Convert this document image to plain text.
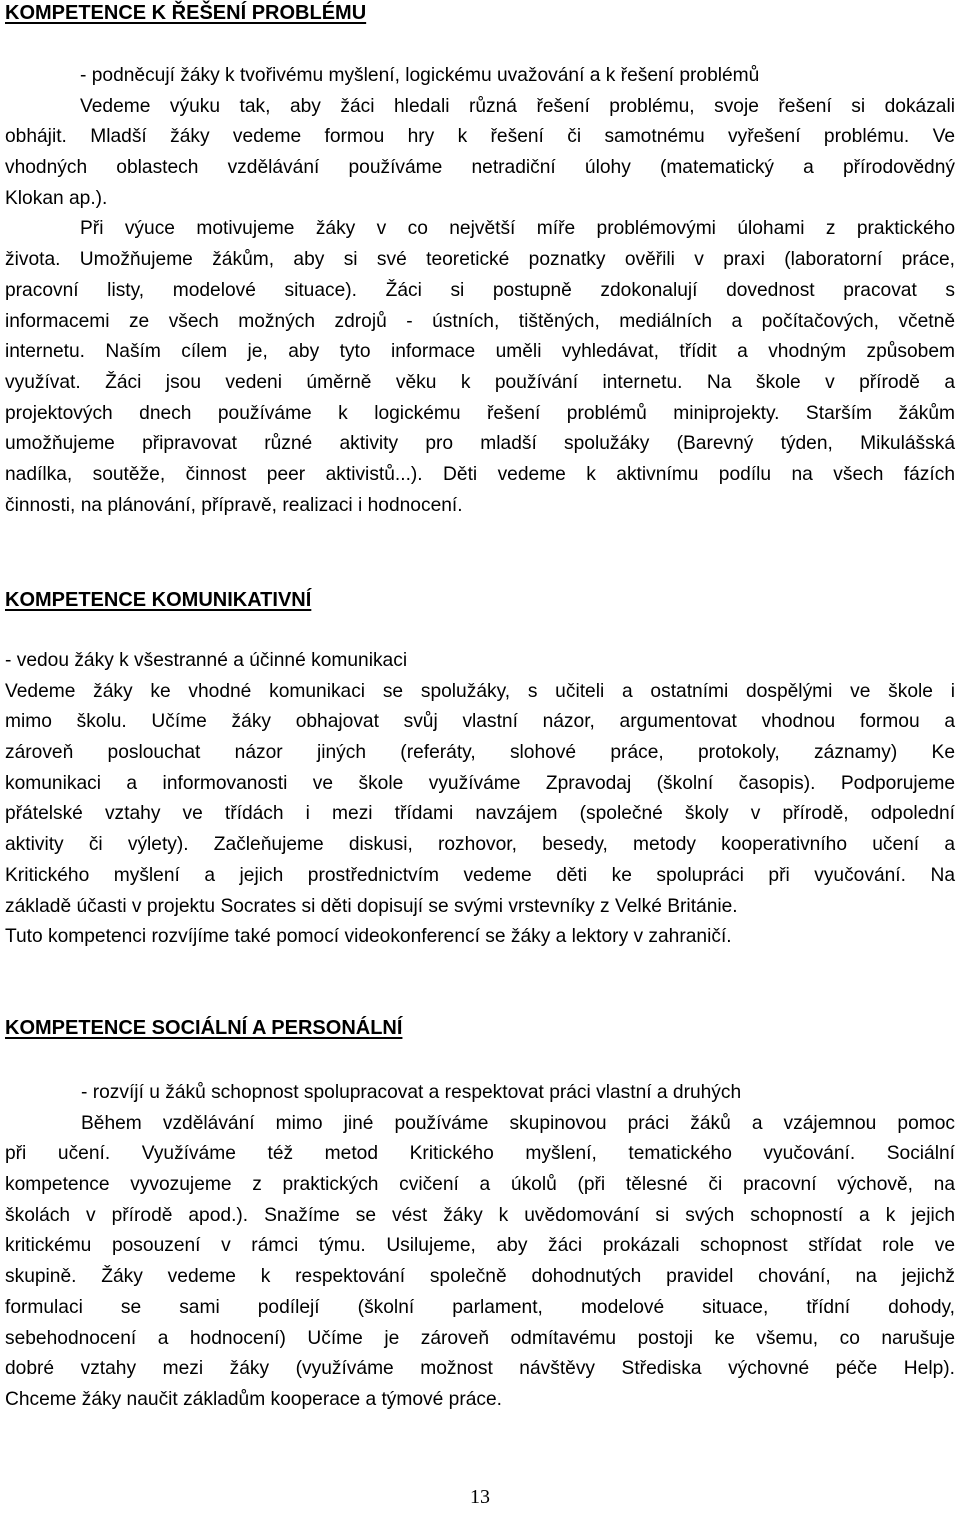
KOMPETENCE K ŘEŠENÍ PROBLÉMU
- podněcují žáky k tvořivému myšlení, logickému uvažování a k řešení problémů
Vedeme výuku tak, aby žáci hledali různá řešení problému, svoje řešení si dokázali
obhájit. Mladší žáky vedeme formou hry k řešení či samotnému vyřešení problému. Ve
vhodných oblastech vzdělávání používáme netradiční úlohy (matematický a přírodovědný
Klokan ap.).
Při výuce motivujeme žáky v co největší míře problémovými úlohami z praktického
života. Umožňujeme žákům, aby si své teoretické poznatky ověřili v praxi (laboratorní práce,
pracovní listy, modelové situace). Žáci si postupně zdokonalují dovednost pracovat s
informacemi ze všech možných zdrojů - ústních, tištěných, mediálních a počítačových, včetně
internetu. Naším cílem je, aby tyto informace uměli vyhledávat, třídit a vhodným způsobem
využívat. Žáci jsou vedeni úměrně věku k používání internetu. Na škole v přírodě a
projektových dnech používáme k logickému řešení problémů miniprojekty. Starším žákům
umožňujeme připravovat různé aktivity pro mladší spolužáky (Barevný týden, Mikulášská
nadílka, soutěže, činnost peer aktivistů...). Děti vedeme k aktivnímu podílu na všech fázích
činnosti, na plánování, přípravě, realizaci i hodnocení.
KOMPETENCE KOMUNIKATIVNÍ
- vedou žáky k všestranné a účinné komunikaci
Vedeme žáky ke vhodné komunikaci se spolužáky, s učiteli a ostatními dospělými ve škole i
mimo školu. Učíme žáky obhajovat svůj vlastní názor, argumentovat vhodnou formou a
zároveň poslouchat názor jiných (referáty, slohové práce, protokoly, záznamy) Ke
komunikaci a informovanosti ve škole využíváme Zpravodaj (školní časopis). Podporujeme
přátelské vztahy ve třídách i mezi třídami navzájem (společné školy v přírodě, odpolední
aktivity či výlety). Začleňujeme diskusi, rozhovor, besedy, metody kooperativního učení a
Kritického myšlení a jejich prostřednictvím vedeme děti ke spolupráci při vyučování. Na
základě účasti v projektu Socrates si děti dopisují se svými vrstevníky z Velké Británie.
Tuto kompetenci rozvíjíme také pomocí videokonferencí se žáky a lektory v zahraničí.
KOMPETENCE SOCIÁLNÍ A PERSONÁLNÍ
- rozvíjí u žáků schopnost spolupracovat a respektovat práci vlastní a druhých
Během vzdělávání mimo jiné používáme skupinovou práci žáků a vzájemnou pomoc
při učení. Využíváme též metod Kritického myšlení, tematického vyučování. Sociální
kompetence vyvozujeme z praktických cvičení a úkolů (při tělesné či pracovní výchově, na
školách v přírodě apod.). Snažíme se vést žáky k uvědomování si svých schopností a k jejich
kritickému posouzení v rámci týmu. Usilujeme, aby žáci prokázali schopnost střídat role ve
skupině. Žáky vedeme k respektování společně dohodnutých pravidel chování, na jejichž
formulaci se sami podílejí (školní parlament, modelové situace, třídní dohody,
sebehodnocení a hodnocení) Učíme je zároveň odmítavému postoji ke všemu, co narušuje
dobré vztahy mezi žáky (využíváme možnost návštěvy Střediska výchovné péče Help).
Chceme žáky naučit základům kooperace a týmové práce.
13
